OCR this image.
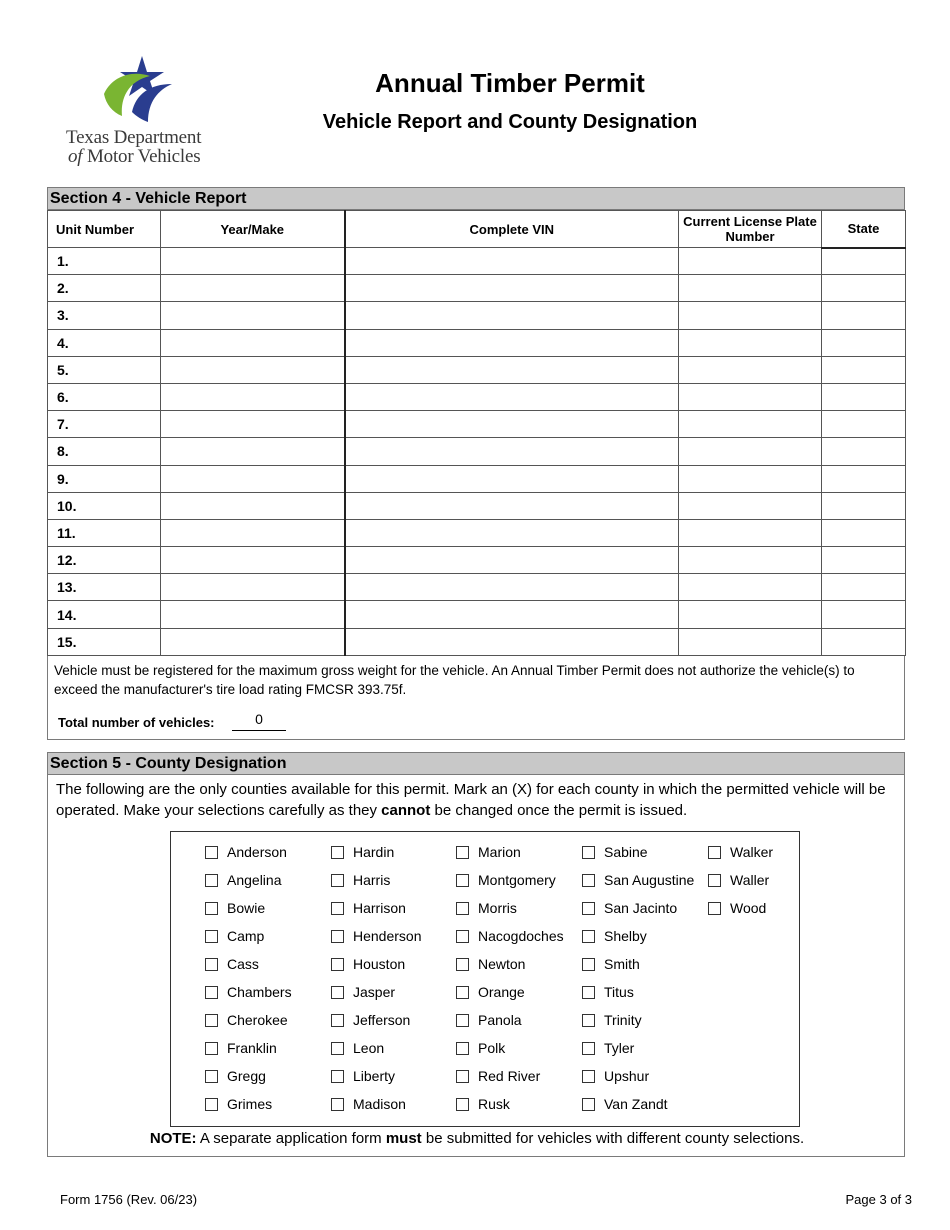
Texas Department
of Motor Vehicles
Annual Timber Permit
Vehicle Report and County Designation
Section 4 - Vehicle Report
Unit Number	Year/Make	Complete VIN	Current License Plate Number	State
1.				
2.				
3.				
4.				
5.				
6.				
7.				
8.				
9.				
10.				
11.				
12.				
13.				
14.				
15.				
Vehicle must be registered for the maximum gross weight for the vehicle. An Annual Timber Permit does not authorize the vehicle(s) to exceed the manufacturer's tire load rating FMCSR 393.75f.
Total number of vehicles:	0
Section 5 - County Designation
The following are the only counties available for this permit. Mark an (X) for each county in which the permitted vehicle will be operated. Make your selections carefully as they cannot be changed once the permit is issued.
Anderson
Angelina
Bowie
Camp
Cass
Chambers
Cherokee
Franklin
Gregg
Grimes
Hardin
Harris
Harrison
Henderson
Houston
Jasper
Jefferson
Leon
Liberty
Madison
Marion
Montgomery
Morris
Nacogdoches
Newton
Orange
Panola
Polk
Red River
Rusk
Sabine
San Augustine
San Jacinto
Shelby
Smith
Titus
Trinity
Tyler
Upshur
Van Zandt
Walker
Waller
Wood
NOTE: A separate application form must be submitted for vehicles with different county selections.
Form 1756 (Rev. 06/23)	Page 3 of 3
